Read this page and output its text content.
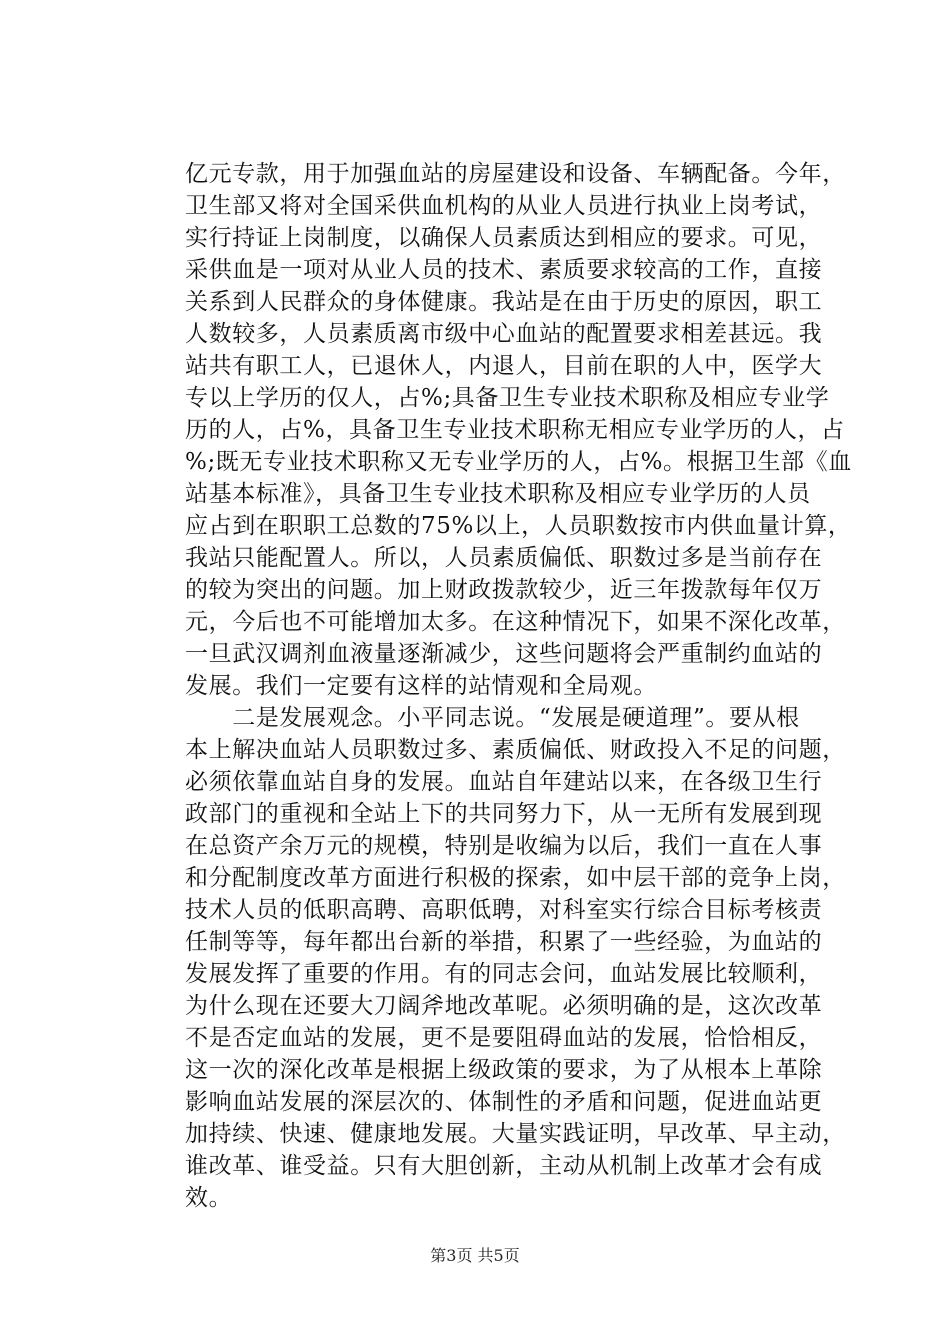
亿元专款，用于加强血站的房屋建设和设备、车辆配备。今年，
卫生部又将对全国采供血机构的从业人员进行执业上岗考试，
实行持证上岗制度，以确保人员素质达到相应的要求。可见，
采供血是一项对从业人员的技术、素质要求较高的工作，直接
关系到人民群众的身体健康。我站是在由于历史的原因，职工
人数较多，人员素质离市级中心血站的配置要求相差甚远。我
站共有职工人，已退休人，内退人，目前在职的人中，医学大
专以上学历的仅人，占%;具备卫生专业技术职称及相应专业学
历的人，占%，具备卫生专业技术职称无相应专业学历的人，占
%;既无专业技术职称又无专业学历的人，占%。根据卫生部《血
站基本标准》，具备卫生专业技术职称及相应专业学历的人员
应占到在职职工总数的75%以上，人员职数按市内供血量计算，
我站只能配置人。所以，人员素质偏低、职数过多是当前存在
的较为突出的问题。加上财政拨款较少，近三年拨款每年仅万
元，今后也不可能增加太多。在这种情况下，如果不深化改革，
一旦武汉调剂血液量逐渐减少，这些问题将会严重制约血站的
发展。我们一定要有这样的站情观和全局观。
　　二是发展观念。小平同志说。“发展是硬道理”。要从根
本上解决血站人员职数过多、素质偏低、财政投入不足的问题，
必须依靠血站自身的发展。血站自年建站以来，在各级卫生行
政部门的重视和全站上下的共同努力下，从一无所有发展到现
在总资产余万元的规模，特别是收编为以后，我们一直在人事
和分配制度改革方面进行积极的探索，如中层干部的竞争上岗，
技术人员的低职高聘、高职低聘，对科室实行综合目标考核责
任制等等，每年都出台新的举措，积累了一些经验，为血站的
发展发挥了重要的作用。有的同志会问，血站发展比较顺利，
为什么现在还要大刀阔斧地改革呢。必须明确的是，这次改革
不是否定血站的发展，更不是要阻碍血站的发展，恰恰相反，
这一次的深化改革是根据上级政策的要求，为了从根本上革除
影响血站发展的深层次的、体制性的矛盾和问题，促进血站更
加持续、快速、健康地发展。大量实践证明，早改革、早主动，
谁改革、谁受益。只有大胆创新，主动从机制上改革才会有成
效。
第3页 共5页
